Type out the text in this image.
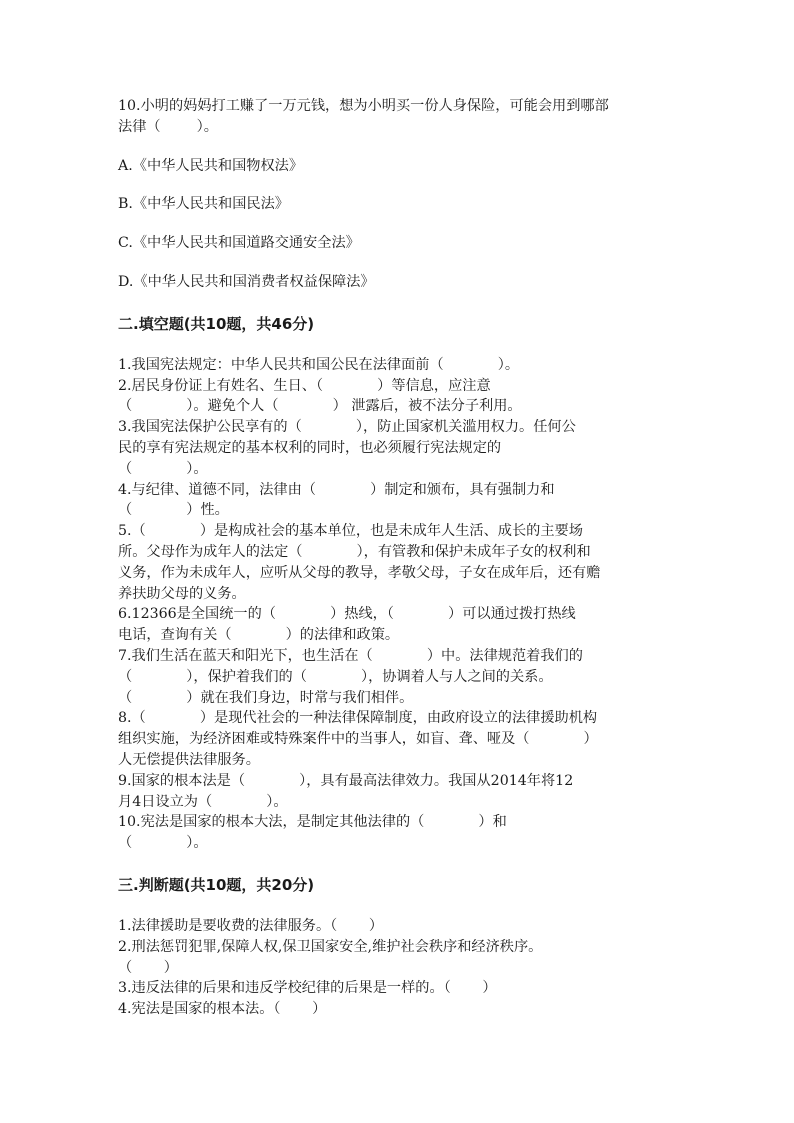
10.小明的妈妈打工赚了一万元钱，想为小明买一份人身保险，可能会用到哪部
法律（        ）。
A.《中华人民共和国物权法》
B.《中华人民共和国民法》
C.《中华人民共和国道路交通安全法》
D.《中华人民共和国消费者权益保障法》
二.填空题(共10题，共46分)
1.我国宪法规定：中华人民共和国公民在法律面前（            ）。
2.居民身份证上有姓名、生日、（            ）等信息，应注意
（            ）。避免个人（            ） 泄露后，被不法分子利用。
3.我国宪法保护公民享有的（            ），防止国家机关滥用权力。任何公
民的享有宪法规定的基本权利的同时，也必须履行宪法规定的
（            ）。
4.与纪律、道德不同，法律由（            ）制定和颁布，具有强制力和
（            ）性。
5.（            ）是构成社会的基本单位，也是未成年人生活、成长的主要场
所。父母作为成年人的法定（            ），有管教和保护未成年子女的权利和
义务，作为未成年人，应听从父母的教导，孝敬父母，子女在成年后，还有赡
养扶助父母的义务。
6.12366是全国统一的（            ）热线，（            ）可以通过拨打热线
电话，查询有关（            ）的法律和政策。
7.我们生活在蓝天和阳光下，也生活在（            ）中。法律规范着我们的
（            ），保护着我们的（            ），协调着人与人之间的关系。
（            ）就在我们身边，时常与我们相伴。
8.（            ）是现代社会的一种法律保障制度，由政府设立的法律援助机构
组织实施，为经济困难或特殊案件中的当事人，如盲、聋、哑及（            ）
人无偿提供法律服务。
9.国家的根本法是（            ），具有最高法律效力。我国从2014年将12
月4日设立为（            ）。
10.宪法是国家的根本大法，是制定其他法律的（            ）和
（            ）。
三.判断题(共10题，共20分)
1.法律援助是要收费的法律服务。（       ）
2.刑法惩罚犯罪,保障人权,保卫国家安全,维护社会秩序和经济秩序。
（       ）
3.违反法律的后果和违反学校纪律的后果是一样的。（       ）
4.宪法是国家的根本法。（       ）
